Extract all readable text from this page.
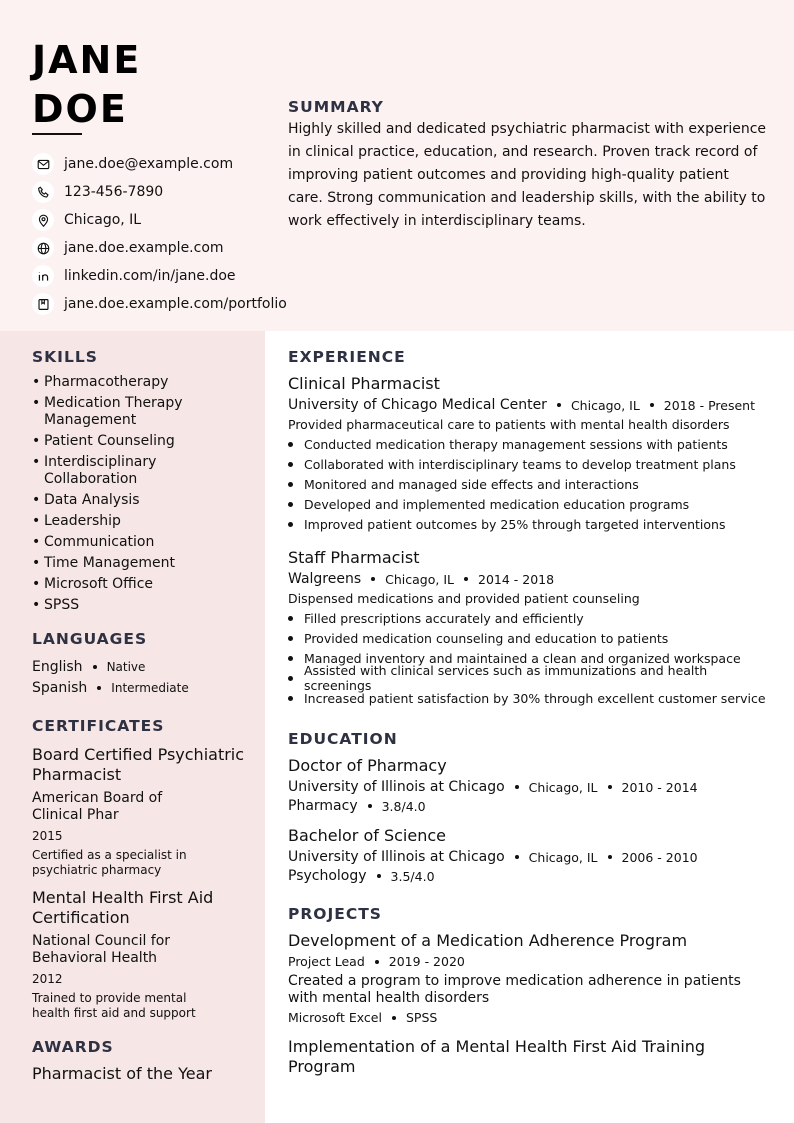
JANE
DOE
jane.doe@example.com
123-456-7890
Chicago, IL
jane.doe.example.com
linkedin.com/in/jane.doe
jane.doe.example.com/portfolio
SUMMARY

Highly skilled and dedicated psychiatric pharmacist with experience in clinical practice, education, and research. Proven track record of improving patient outcomes and providing high-quality patient care. Strong communication and leadership skills, with the ability to work effectively in interdisciplinary teams.

SKILLS
• Pharmacotherapy
• Medication Therapy Management
• Patient Counseling
• Interdisciplinary Collaboration
• Data Analysis
• Leadership
• Communication
• Time Management
• Microsoft Office
• SPSS
LANGUAGES
English Native
Spanish Intermediate
CERTIFICATES
Board Certified Psychiatric Pharmacist
American Board of Clinical Phar
2015
Certified as a specialist in psychiatric pharmacy
Mental Health First Aid Certification
National Council for Behavioral Health
2012
Trained to provide mental health first aid and support
AWARDS
Pharmacist of the Year
EXPERIENCE
Clinical Pharmacist
University of Chicago Medical Center Chicago, IL 2018 - Present
Provided pharmaceutical care to patients with mental health disorders
Conducted medication therapy management sessions with patients
Collaborated with interdisciplinary teams to develop treatment plans
Monitored and managed side effects and interactions
Developed and implemented medication education programs
Improved patient outcomes by 25% through targeted interventions
Staff Pharmacist
Walgreens Chicago, IL 2014 - 2018
Dispensed medications and provided patient counseling
Filled prescriptions accurately and efficiently
Provided medication counseling and education to patients
Managed inventory and maintained a clean and organized workspace
Assisted with clinical services such as immunizations and health screenings
Increased patient satisfaction by 30% through excellent customer service
EDUCATION
Doctor of Pharmacy
University of Illinois at Chicago Chicago, IL 2010 - 2014
Pharmacy 3.8/4.0
Bachelor of Science
University of Illinois at Chicago Chicago, IL 2006 - 2010
Psychology 3.5/4.0
PROJECTS
Development of a Medication Adherence Program
Project Lead 2019 - 2020
Created a program to improve medication adherence in patients with mental health disorders
Microsoft Excel SPSS
Implementation of a Mental Health First Aid Training Program
